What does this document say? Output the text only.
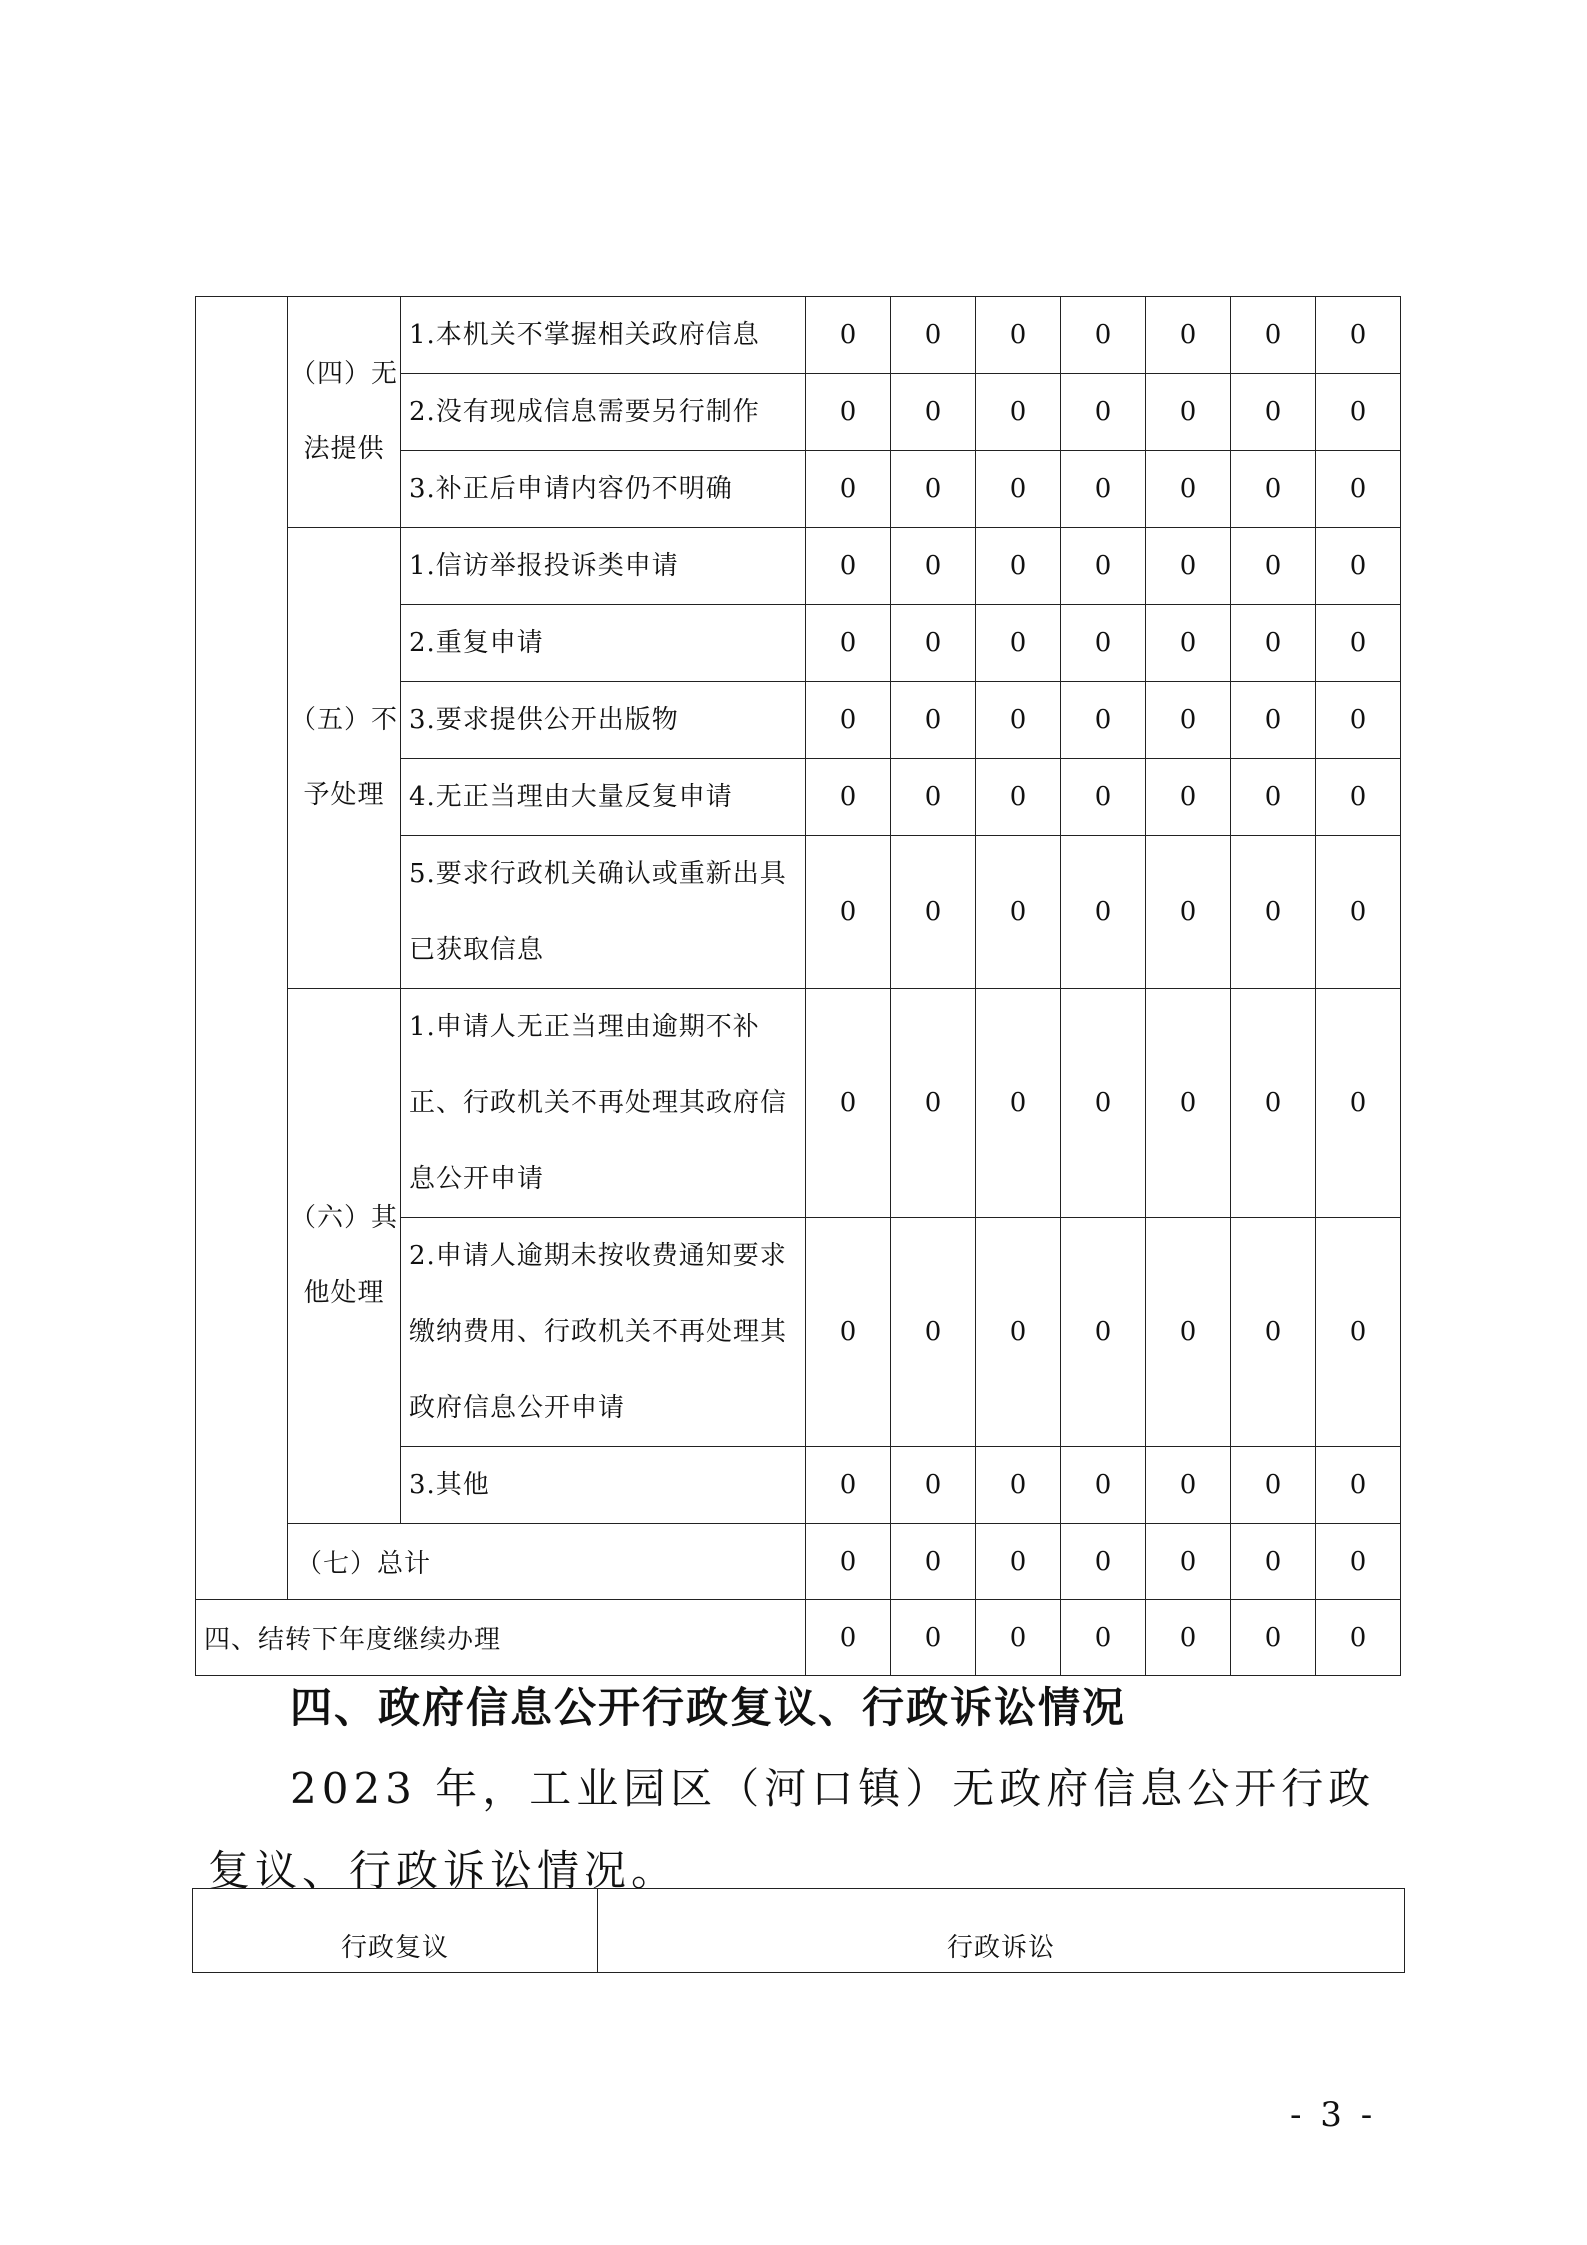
	（四）无法提供	1.本机关不掌握相关政府信息	0	0	0	0	0	0	0
		2.没有现成信息需要另行制作	0	0	0	0	0	0	0
		3.补正后申请内容仍不明确	0	0	0	0	0	0	0
	（五）不予处理	1.信访举报投诉类申请	0	0	0	0	0	0	0
		2.重复申请	0	0	0	0	0	0	0
		3.要求提供公开出版物	0	0	0	0	0	0	0
		4.无正当理由大量反复申请	0	0	0	0	0	0	0
		5.要求行政机关确认或重新出具已获取信息	0	0	0	0	0	0	0
	（六）其他处理	1.申请人无正当理由逾期不补正、行政机关不再处理其政府信息公开申请	0	0	0	0	0	0	0
		2.申请人逾期未按收费通知要求缴纳费用、行政机关不再处理其政府信息公开申请	0	0	0	0	0	0	0
		3.其他	0	0	0	0	0	0	0
	（七）总计		0	0	0	0	0	0	0
四、结转下年度继续办理			0	0	0	0	0	0	0
四、政府信息公开行政复议、行政诉讼情况

2023 年，工业园区（河口镇）无政府信息公开行政复议、行政诉讼情况。

行政复议	行政诉讼
- 3 -
